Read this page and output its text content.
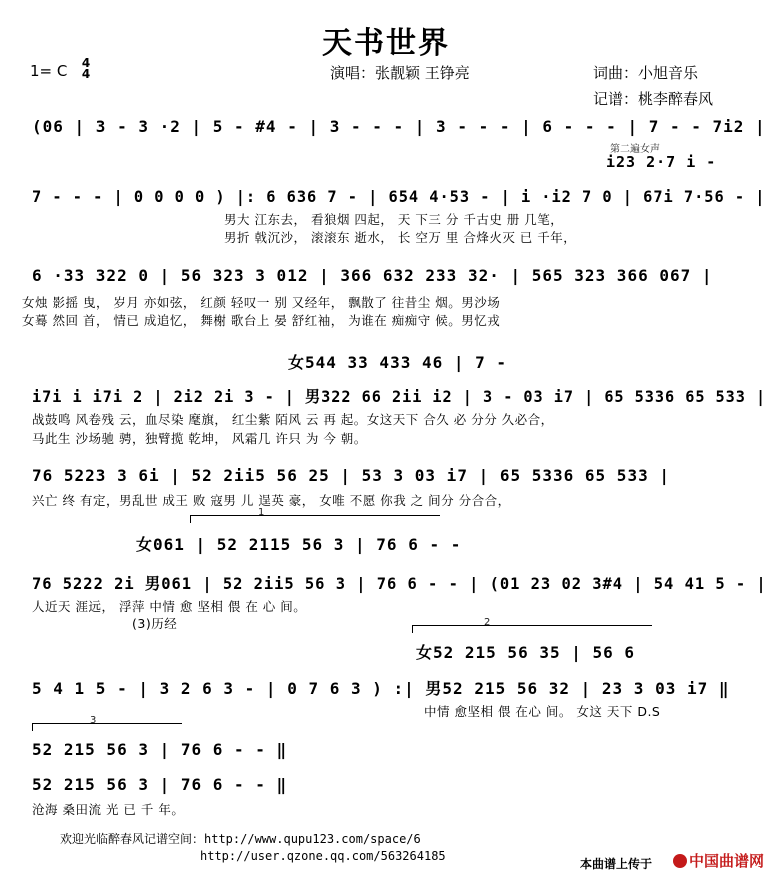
天书世界
1= C	4
4	演唱：张靓颖 王铮亮	词曲：小旭音乐
记谱：桃李醉春风
第二遍女声
i23 2·7 i -
(06 | 3 - 3 ·2 | 5 - #4 - | 3 - - - | 3 - - - | 6 - - - | 7 - - 7i2 |
7 - - - | 0 0 0 0 ) |: 6 636 7 - | 654 4·53 - | i ·i2 7 0 | 67i 7·56 - |
男大 江东去， 看狼烟 四起， 天 下三 分 千古史 册 几笔，
男折 戟沉沙， 滚滚东 逝水， 长 空万 里 合烽火灭 已 千年，
6 ·33 322 0 | 56 323 3 012 | 366 632 233 32· | 565 323 366 067 |
女烛 影摇 曳， 岁月 亦如弦， 红颜 轻叹一 别 又经年， 飘散了 往昔尘 烟。男沙场
女蓦 然回 首， 情已 成追忆， 舞榭 歌台上 晏 舒红袖， 为谁在 痴痴守 候。男忆戎
女544 33 433 46 | 7 -
i7i i i7i 2 | 2i2 2i 3 - | 男322 66 2ii i2 | 3 - 03 i7 | 65 5336 65 533 |
战鼓鸣 风卷残 云，血尽染 麾旗， 红尘紫 陌风 云 再 起。女这天下 合久 必 分分 久必合，
马此生 沙场驰 骋，独臂揽 乾坤， 风霜几 许只 为 今 朝。
76 5223 3 6i | 52 2ii5 56 25 | 53 3 03 i7 | 65 5336 65 533 |
兴亡 终 有定，男乱世 成王 败 寇男 儿 逞英 豪， 女唯 不愿 你我 之 间分 分合合，
1
女061 | 52 2115 56 3 | 76 6 - -
76 5222 2i 男061 | 52 2ii5 56 3 | 76 6 - - | (01 23 02 3#4 | 54 41 5 - |
人近天 涯远， 浮萍 中情 愈 坚相 偎 在 心 间。
(3)历经	2
女52 215 56 35 | 56 6
5 4 1 5 - | 3 2 6 3 - | 0 7 6 3 ) :| 男52 215 56 32 | 23 3 03 i7 ‖
中情 愈坚相 偎 在心 间。 女这 天下 D.S
3
52 215 56 3 | 76 6 - - ‖
52 215 56 3 | 76 6 - - ‖
沧海 桑田流 光 已 千 年。
欢迎光临醉春风记谱空间：http://www.qupu123.com/space/6
http://user.qzone.qq.com/563264185
本曲谱上传于	中国曲谱网
